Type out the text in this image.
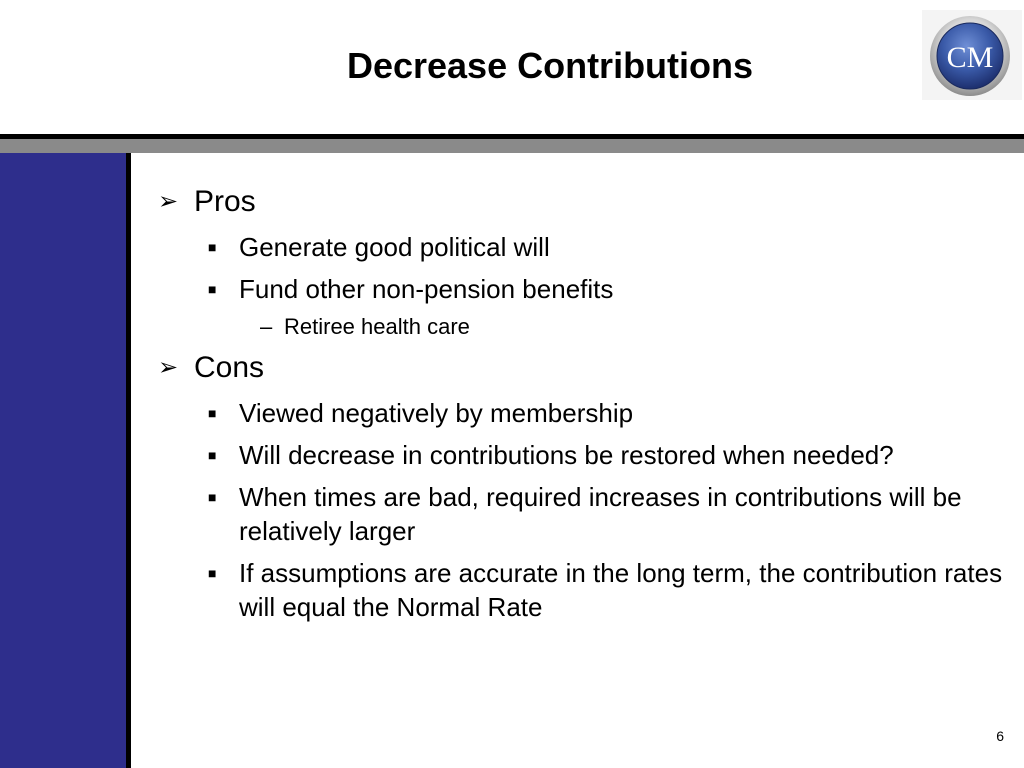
Decrease Contributions	CM
➢ Pros
■ Generate good political will
■ Fund other non-pension benefits
– Retiree health care
➢ Cons
■ Viewed negatively by membership
■ Will decrease in contributions be restored when needed?
■ When times are bad, required increases in contributions will be relatively larger
■ If assumptions are accurate in the long term, the contribution rates will equal the Normal Rate
6
